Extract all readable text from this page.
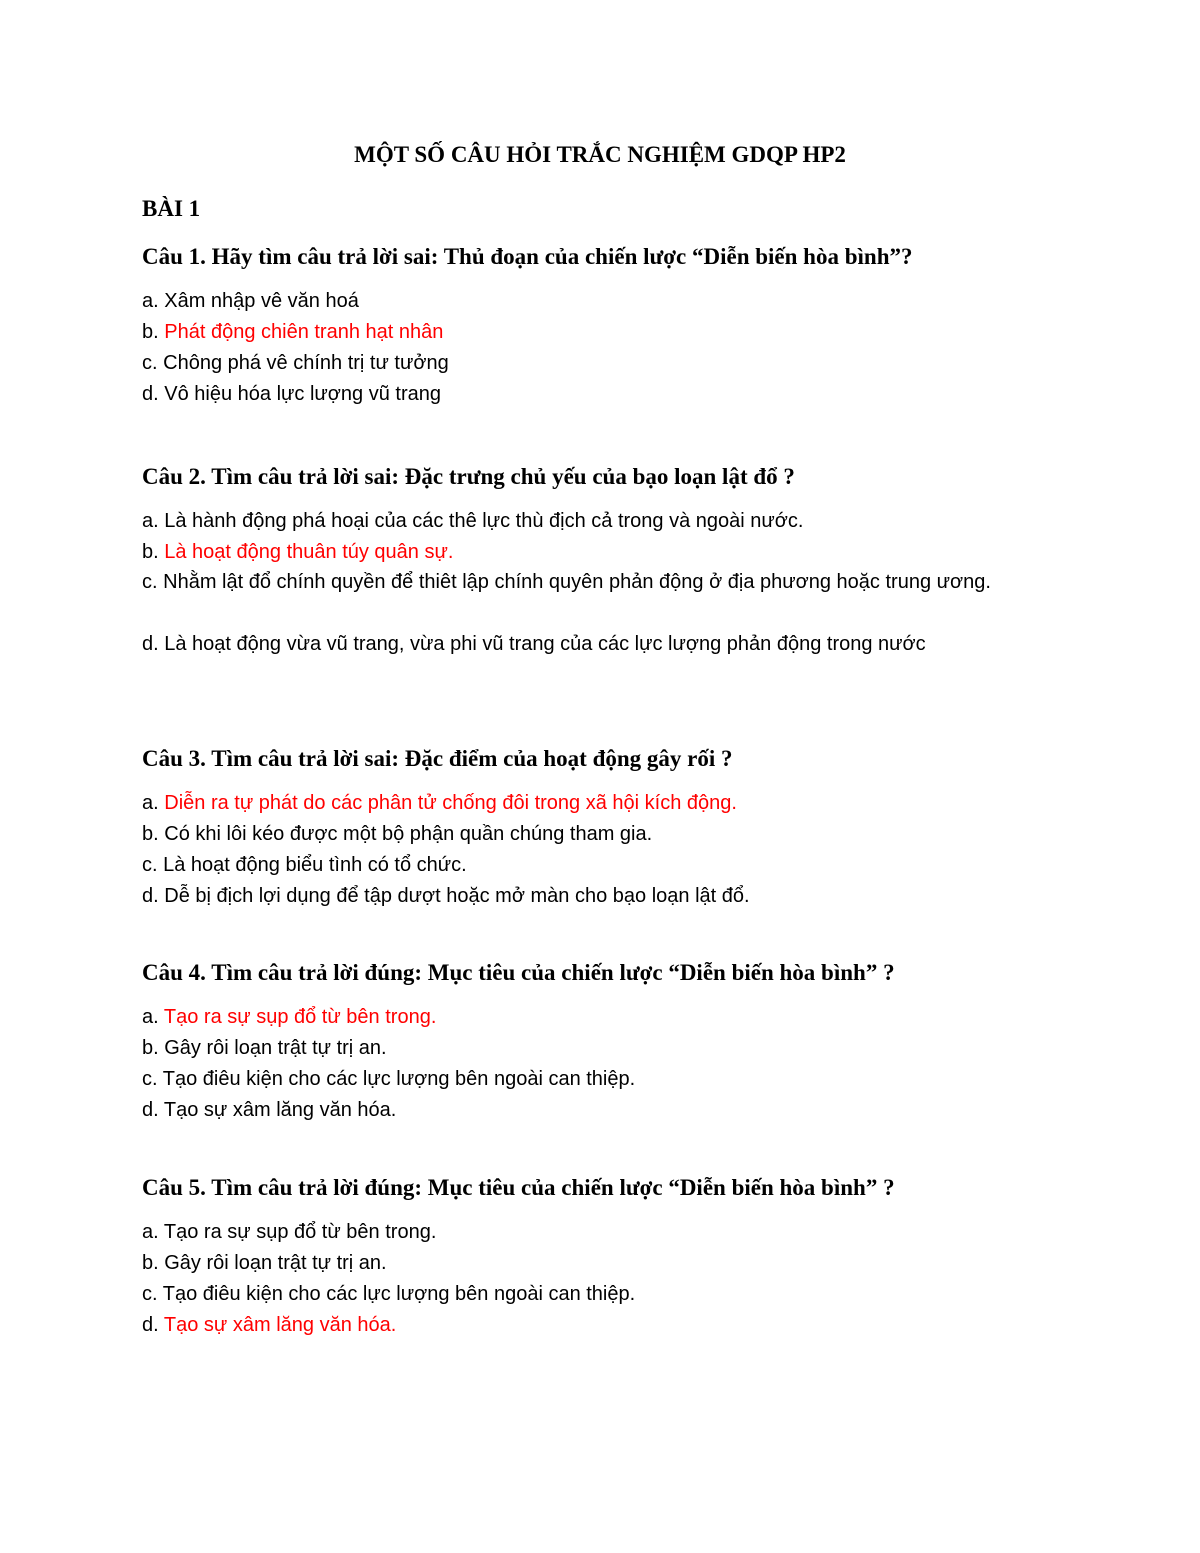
MỘT SỐ CÂU HỎI TRẮC NGHIỆM GDQP HP2
BÀI 1
Câu 1. Hãy tìm câu trả lời sai: Thủ đoạn của chiến lược “Diễn biến hòa bình”?
a. Xâm nhập vê văn hoá
b. Phát động chiên tranh hạt nhân
c. Chông phá vê chính trị tư tưởng
d. Vô hiệu hóa lực lượng vũ trang
Câu 2. Tìm câu trả lời sai: Đặc trưng chủ yếu của bạo loạn lật đổ ?
a. Là hành động phá hoại của các thê lực thù địch cả trong và ngoài nước.
b. Là hoạt động thuân túy quân sự.
c. Nhằm lật đổ chính quyền để thiêt lập chính quyên phản động ở địa phương hoặc trung ương.
d. Là hoạt động vừa vũ trang, vừa phi vũ trang của các lực lượng phản động trong nước
Câu 3. Tìm câu trả lời sai: Đặc điểm của hoạt động gây rối ?
a. Diễn ra tự phát do các phân tử chống đôi trong xã hội kích động.
b. Có khi lôi kéo được một bộ phận quần chúng tham gia.
c. Là hoạt động biểu tình có tổ chức.
d. Dễ bị địch lợi dụng để tập dượt hoặc mở màn cho bạo loạn lật đổ.
Câu 4. Tìm câu trả lời đúng: Mục tiêu của chiến lược “Diễn biến hòa bình” ?
a. Tạo ra sự sụp đổ từ bên trong.
b. Gây rôi loạn trật tự trị an.
c. Tạo điêu kiện cho các lực lượng bên ngoài can thiệp.
d. Tạo sự xâm lăng văn hóa.
Câu 5. Tìm câu trả lời đúng: Mục tiêu của chiến lược “Diễn biến hòa bình” ?
a. Tạo ra sự sụp đổ từ bên trong.
b. Gây rôi loạn trật tự trị an.
c. Tạo điêu kiện cho các lực lượng bên ngoài can thiệp.
d. Tạo sự xâm lăng văn hóa.
